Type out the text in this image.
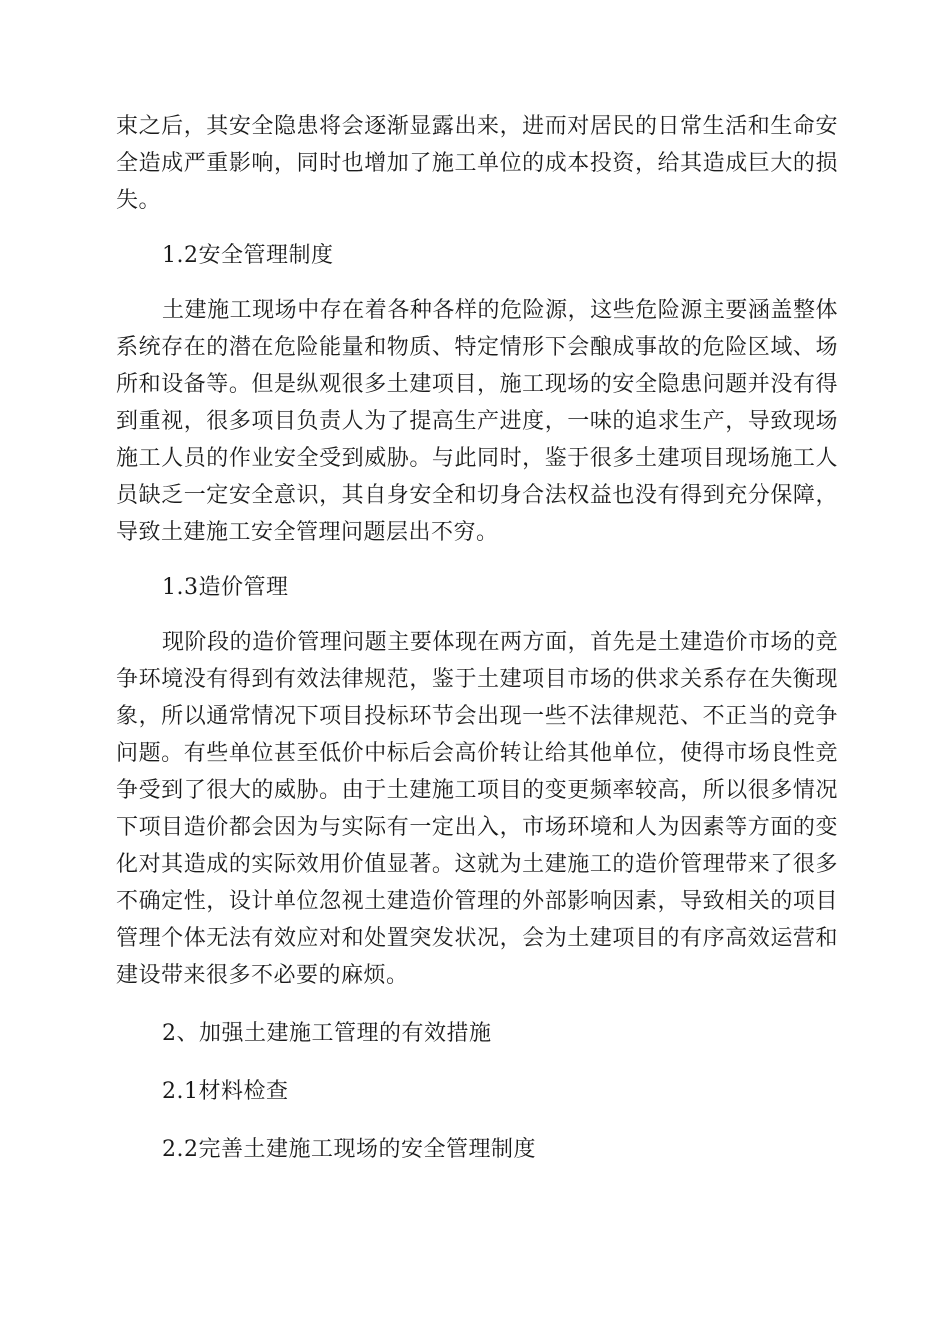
束之后，其安全隐患将会逐渐显露出来，进而对居民的日常生活和生命安全造成严重影响，同时也增加了施工单位的成本投资，给其造成巨大的损失。

1.2安全管理制度

土建施工现场中存在着各种各样的危险源，这些危险源主要涵盖整体系统存在的潜在危险能量和物质、特定情形下会酿成事故的危险区域、场所和设备等。但是纵观很多土建项目，施工现场的安全隐患问题并没有得到重视，很多项目负责人为了提高生产进度，一味的追求生产，导致现场施工人员的作业安全受到威胁。与此同时，鉴于很多土建项目现场施工人员缺乏一定安全意识，其自身安全和切身合法权益也没有得到充分保障，导致土建施工安全管理问题层出不穷。

1.3造价管理

现阶段的造价管理问题主要体现在两方面，首先是土建造价市场的竞争环境没有得到有效法律规范，鉴于土建项目市场的供求关系存在失衡现象，所以通常情况下项目投标环节会出现一些不法律规范、不正当的竞争问题。有些单位甚至低价中标后会高价转让给其他单位，使得市场良性竞争受到了很大的威胁。由于土建施工项目的变更频率较高，所以很多情况下项目造价都会因为与实际有一定出入，市场环境和人为因素等方面的变化对其造成的实际效用价值显著。这就为土建施工的造价管理带来了很多不确定性，设计单位忽视土建造价管理的外部影响因素，导致相关的项目管理个体无法有效应对和处置突发状况，会为土建项目的有序高效运营和建设带来很多不必要的麻烦。

2、加强土建施工管理的有效措施

2.1材料检查

2.2完善土建施工现场的安全管理制度
